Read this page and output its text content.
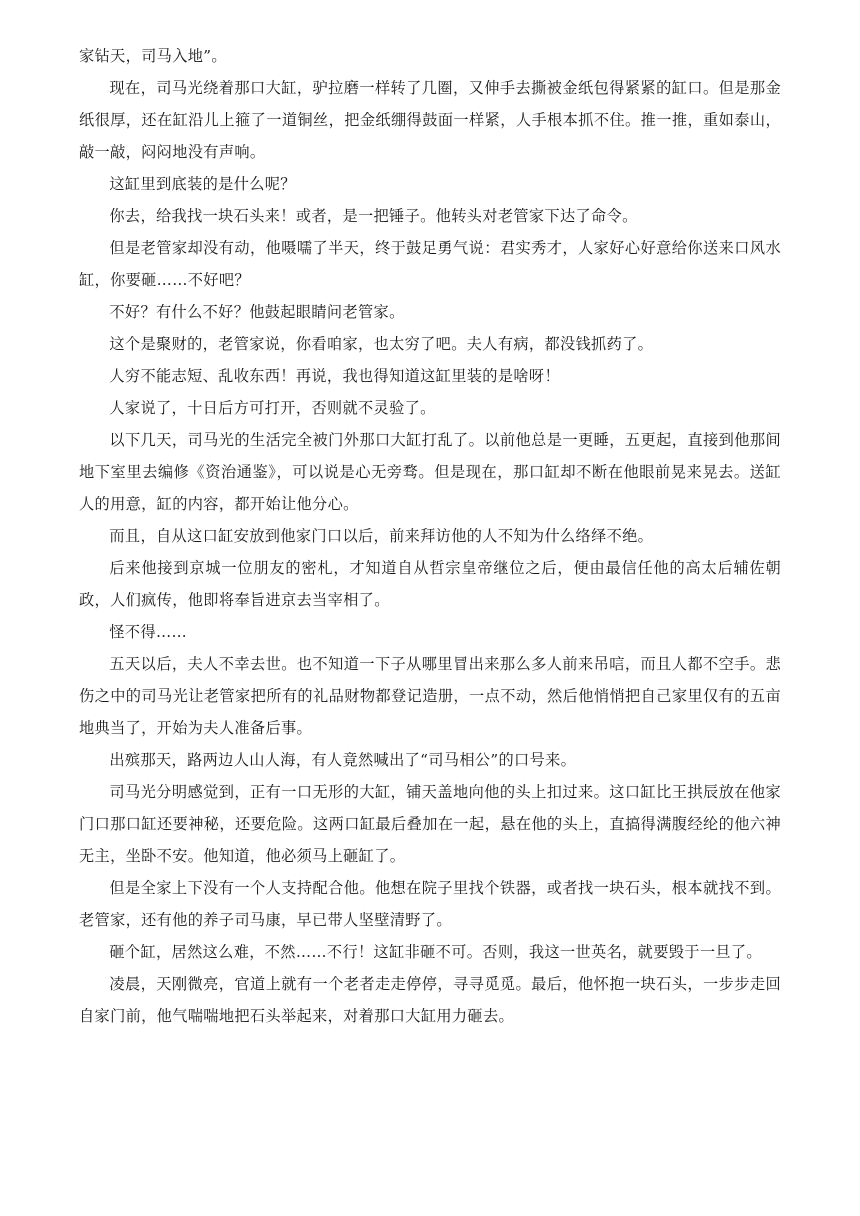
家钻天，司马入地”。

现在，司马光绕着那口大缸，驴拉磨一样转了几圈，又伸手去撕被金纸包得紧紧的缸口。但是那金纸很厚，还在缸沿儿上箍了一道铜丝，把金纸绷得鼓面一样紧，人手根本抓不住。推一推，重如泰山，敲一敲，闷闷地没有声响。

这缸里到底装的是什么呢？

你去，给我找一块石头来！或者，是一把锤子。他转头对老管家下达了命令。

但是老管家却没有动，他嗫嚅了半天，终于鼓足勇气说：君实秀才，人家好心好意给你送来口风水缸，你要砸……不好吧？

不好？有什么不好？他鼓起眼睛问老管家。

这个是聚财的，老管家说，你看咱家，也太穷了吧。夫人有病，都没钱抓药了。

人穷不能志短、乱收东西！再说，我也得知道这缸里装的是啥呀！

人家说了，十日后方可打开，否则就不灵验了。

以下几天，司马光的生活完全被门外那口大缸打乱了。以前他总是一更睡，五更起，直接到他那间地下室里去编修《资治通鉴》，可以说是心无旁骛。但是现在，那口缸却不断在他眼前晃来晃去。送缸人的用意，缸的内容，都开始让他分心。

而且，自从这口缸安放到他家门口以后，前来拜访他的人不知为什么络绎不绝。

后来他接到京城一位朋友的密札，才知道自从哲宗皇帝继位之后，便由最信任他的高太后辅佐朝政，人们疯传，他即将奉旨进京去当宰相了。

怪不得……

五天以后，夫人不幸去世。也不知道一下子从哪里冒出来那么多人前来吊唁，而且人都不空手。悲伤之中的司马光让老管家把所有的礼品财物都登记造册，一点不动，然后他悄悄把自己家里仅有的五亩地典当了，开始为夫人准备后事。

出殡那天，路两边人山人海，有人竟然喊出了“司马相公”的口号来。

司马光分明感觉到，正有一口无形的大缸，铺天盖地向他的头上扣过来。这口缸比王拱辰放在他家门口那口缸还要神秘，还要危险。这两口缸最后叠加在一起，悬在他的头上，直搞得满腹经纶的他六神无主，坐卧不安。他知道，他必须马上砸缸了。

但是全家上下没有一个人支持配合他。他想在院子里找个铁器，或者找一块石头，根本就找不到。老管家，还有他的养子司马康，早已带人坚壁清野了。

砸个缸，居然这么难，不然……不行！这缸非砸不可。否则，我这一世英名，就要毁于一旦了。

凌晨，天刚微亮，官道上就有一个老者走走停停，寻寻觅觅。最后，他怀抱一块石头，一步步走回自家门前，他气喘喘地把石头举起来，对着那口大缸用力砸去。
